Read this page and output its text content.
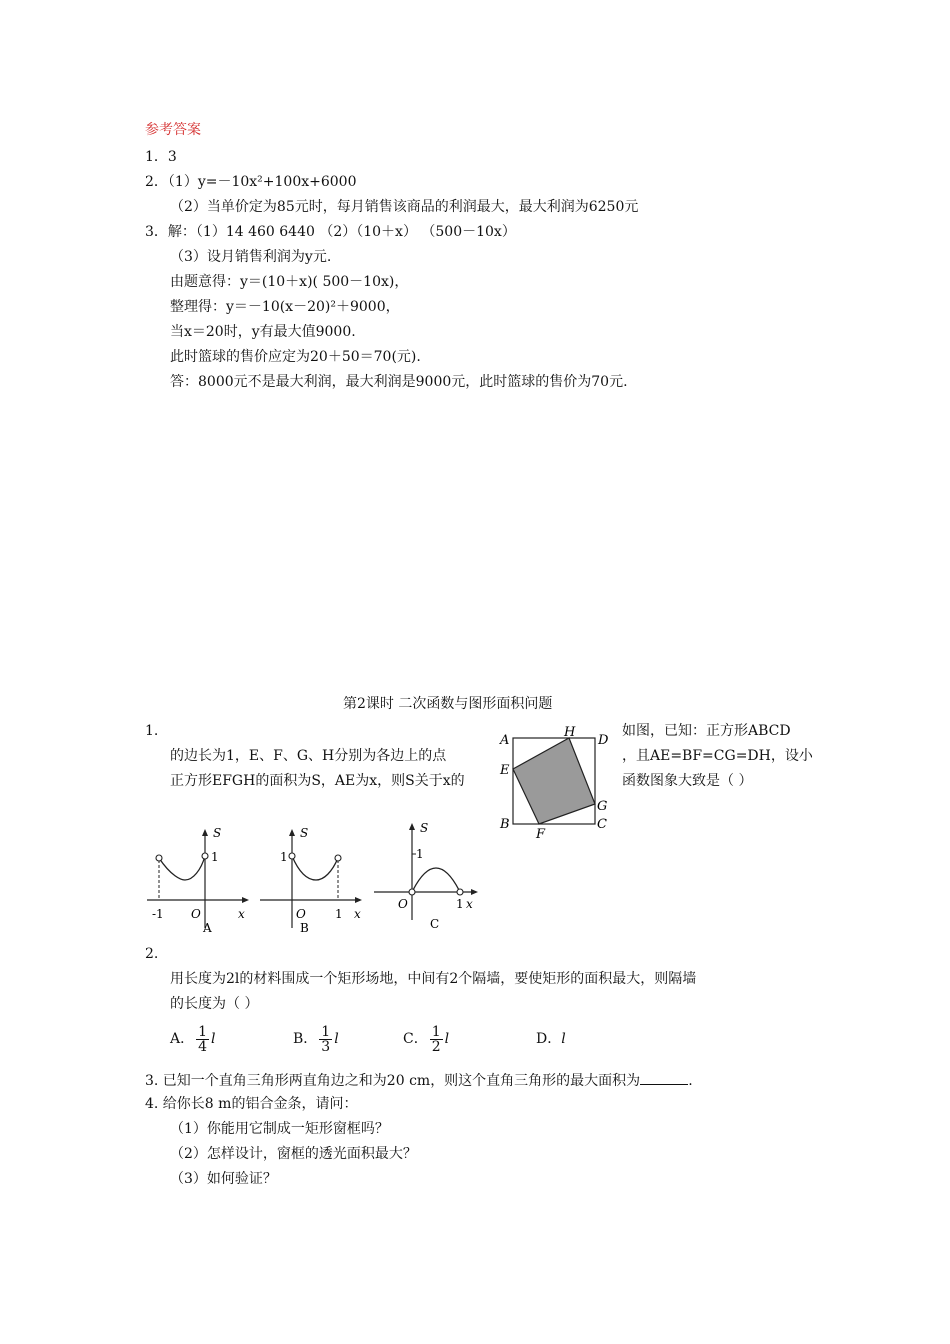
参考答案
1．3
2．（1）y=－10x²+100x+6000
（2）当单价定为85元时，每月销售该商品的利润最大，最大利润为6250元
3．解：（1）14 460 6440 （2）（10＋x） （500－10x）
（3）设月销售利润为y元.
由题意得：y＝(10＋x)( 500－10x)，
整理得：y＝－10(x－20)²＋9000，
当x＝20时，y有最大值9000.
此时篮球的售价应定为20＋50＝70(元).
答：8000元不是最大利润，最大利润是9000元，此时篮球的售价为70元.
第2课时 二次函数与图形面积问题
1.	如图，已知：正方形ABCD
的边长为1，E、F、G、H分别为各边上的点	，且AE=BF=CG=DH，设小
正方形EFGH的面积为S，AE为x，则S关于x的	函数图象大致是（ ）
A
H
D
E
G
B
F
C
S
1
-1 O	x
A
S
1
O 1 x
B
S
1
O	1 x
C
2.
用长度为2l的材料围成一个矩形场地，中间有2个隔墙，要使矩形的面积最大，则隔墙
的长度为（ ）
A． $\frac{1}{4}$ l	B． $\frac{1}{3}$ l	C． $\frac{1}{2}$ l	D．l
3. 已知一个直角三角形两直角边之和为20 cm，则这个直角三角形的最大面积为	.
4. 给你长8 m的铝合金条，请问：
（1）你能用它制成一矩形窗框吗？
（2）怎样设计，窗框的透光面积最大？
（3）如何验证？
